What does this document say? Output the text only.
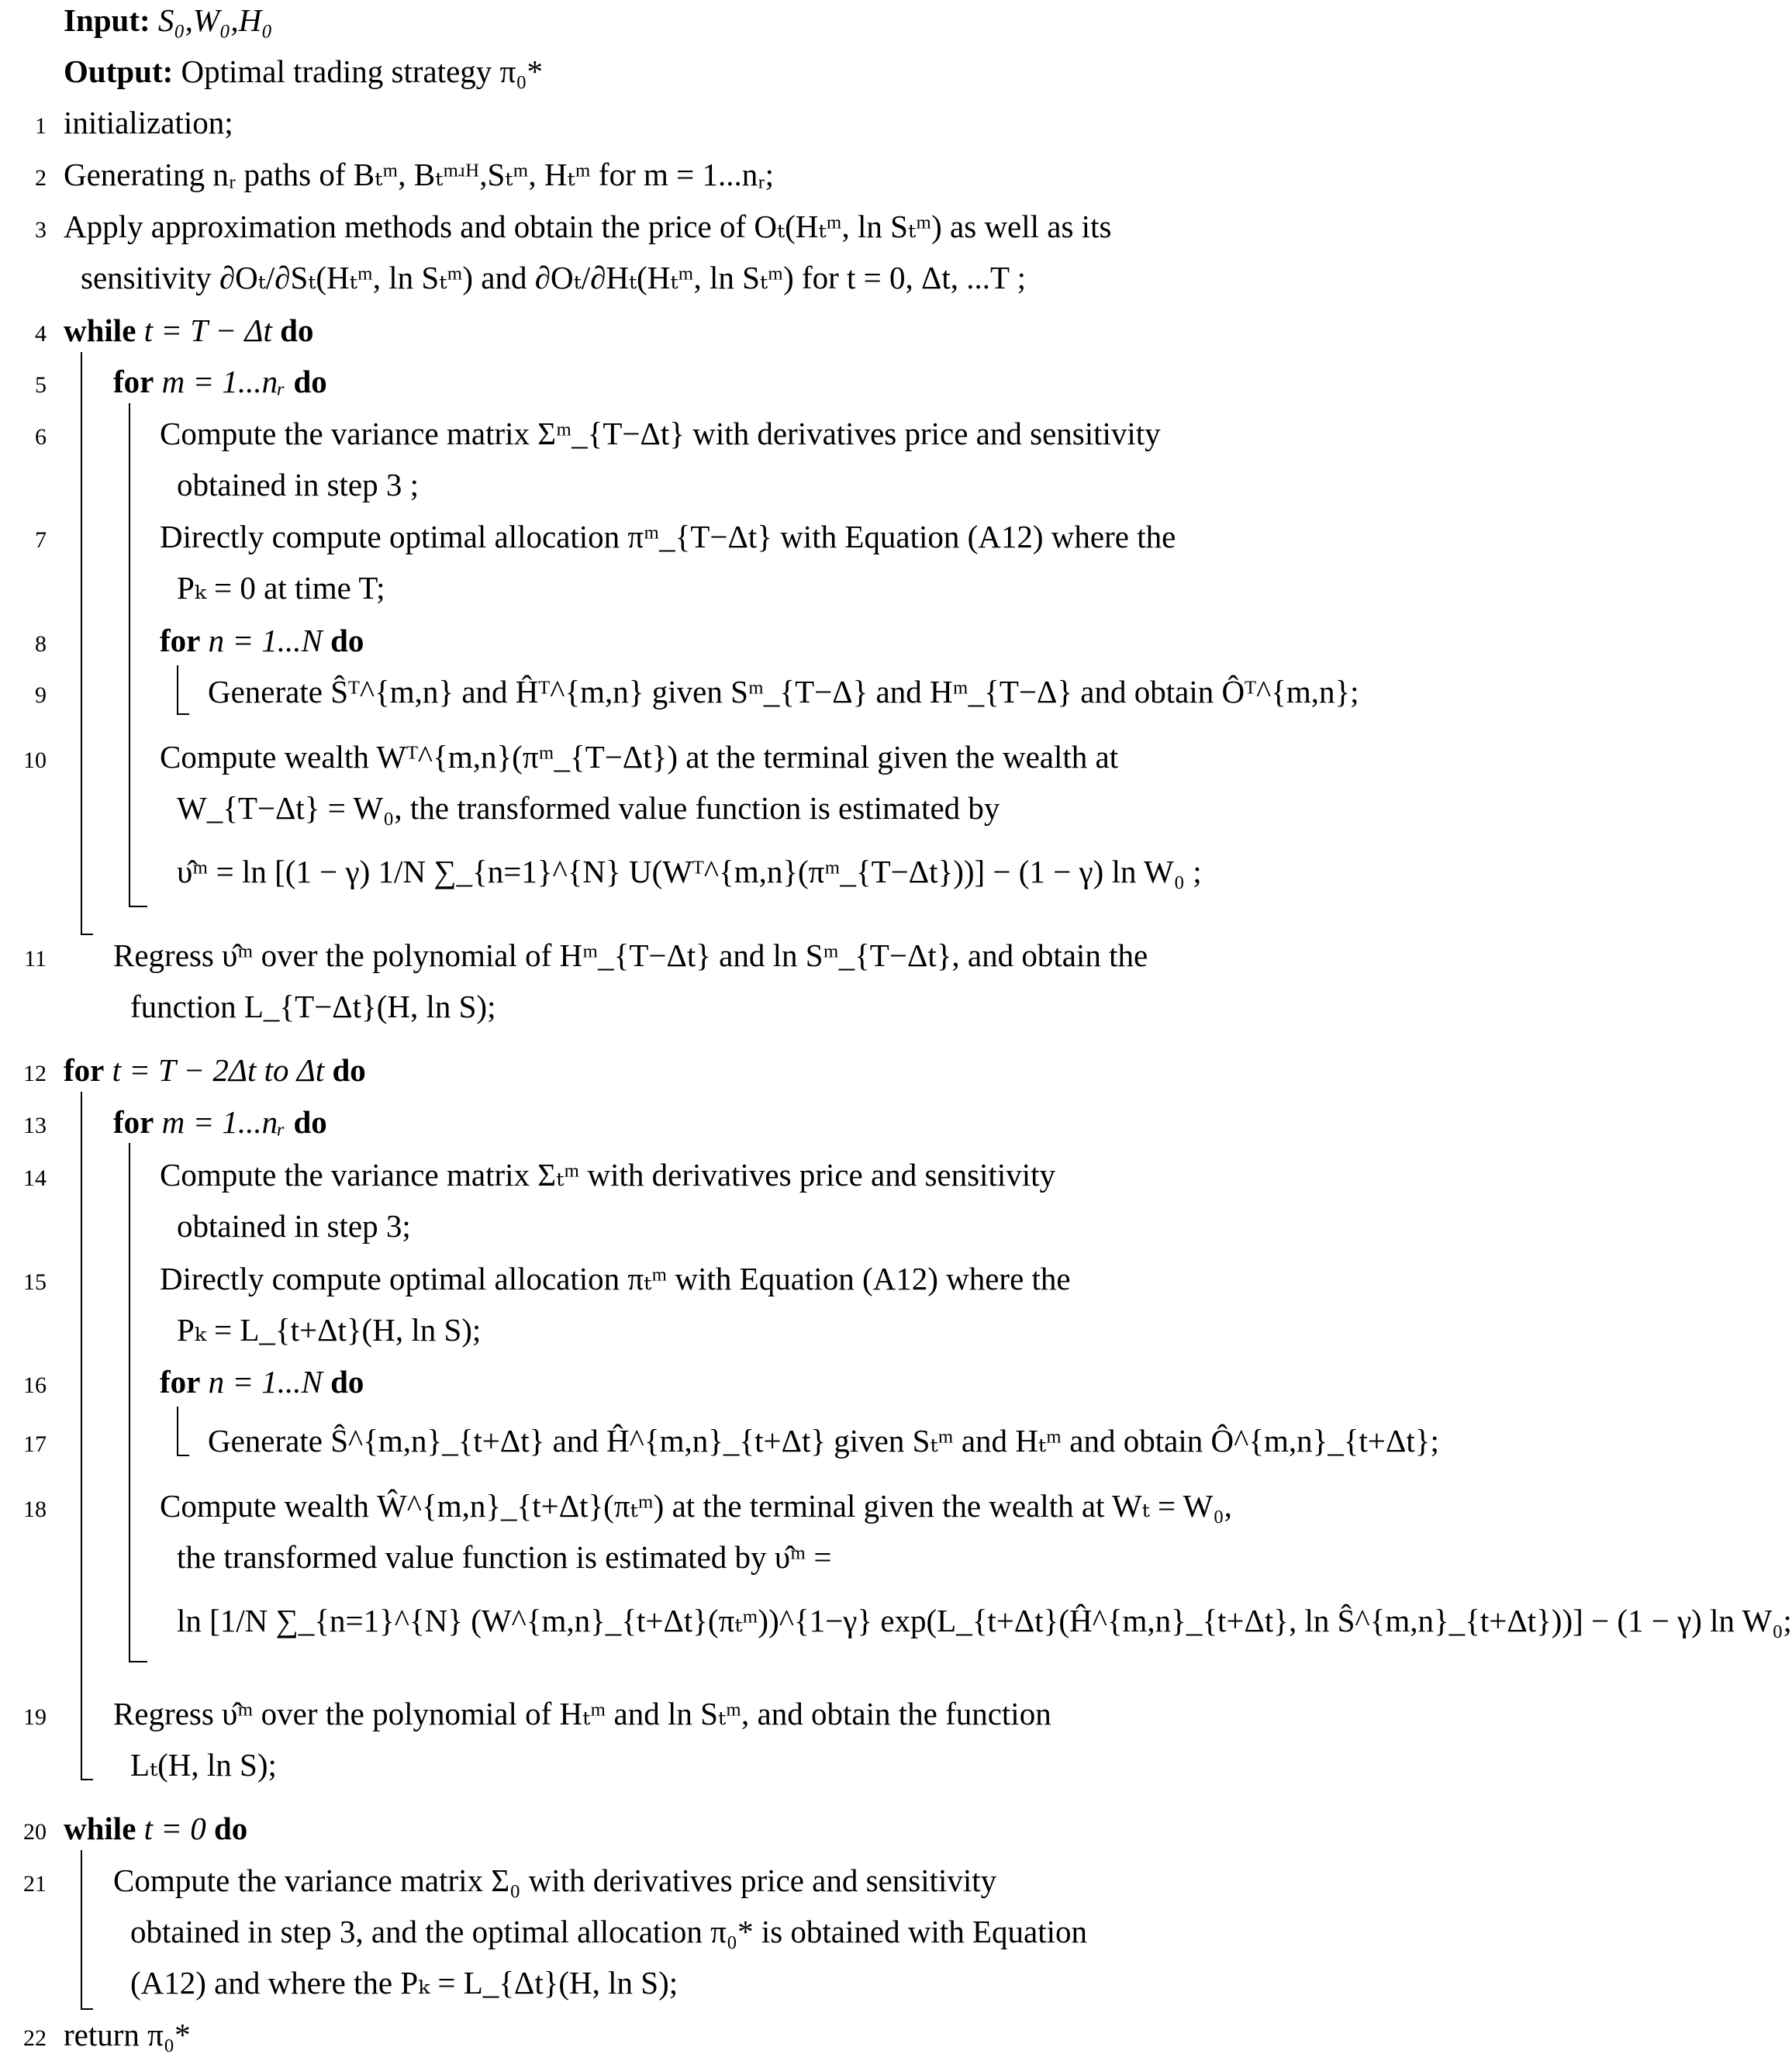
Input: S₀,W₀,H₀
Output: Optimal trading strategy π₀*
1 initialization;
2 Generating nᵣ paths of Bₜᵐ, Bₜᵐʴᴴ,Sₜᵐ, Hₜᵐ for m = 1...nᵣ;
3 Apply approximation methods and obtain the price of Oₜ(Hₜᵐ, ln Sₜᵐ) as well as its
sensitivity ∂Oₜ/∂Sₜ(Hₜᵐ, ln Sₜᵐ) and ∂Oₜ/∂Hₜ(Hₜᵐ, ln Sₜᵐ) for t = 0, Δt, ...T ;
4 while t = T − Δt do
5 for m = 1...nᵣ do
6	Compute the variance matrix Σᵐ_{T−Δt} with derivatives price and sensitivity
obtained in step 3 ;
7	Directly compute optimal allocation πᵐ_{T−Δt} with Equation (A12) where the
Pₖ = 0 at time T;
8	for n = 1...N do
9	Generate Ŝᵀ^{m,n} and Ĥᵀ^{m,n} given Sᵐ_{T−Δ} and Hᵐ_{T−Δ} and obtain Ôᵀ^{m,n};
10	Compute wealth Wᵀ^{m,n}(πᵐ_{T−Δt}) at the terminal given the wealth at
W_{T−Δt} = W₀, the transformed value function is estimated by
υ̂ᵐ = ln [(1 − γ) 1/N ∑_{n=1}^{N} U(Wᵀ^{m,n}(πᵐ_{T−Δt}))] − (1 − γ) ln W₀ ;
11 Regress υ̂ᵐ over the polynomial of Hᵐ_{T−Δt} and ln Sᵐ_{T−Δt}, and obtain the
function L_{T−Δt}(H, ln S);
12 for t = T − 2Δt to Δt do
13 for m = 1...nᵣ do
14	Compute the variance matrix Σₜᵐ with derivatives price and sensitivity
obtained in step 3;
15	Directly compute optimal allocation πₜᵐ with Equation (A12) where the
Pₖ = L_{t+Δt}(H, ln S);
16	for n = 1...N do
17	Generate Ŝ^{m,n}_{t+Δt} and Ĥ^{m,n}_{t+Δt} given Sₜᵐ and Hₜᵐ and obtain Ô^{m,n}_{t+Δt};
18	Compute wealth Ŵ^{m,n}_{t+Δt}(πₜᵐ) at the terminal given the wealth at Wₜ = W₀,
the transformed value function is estimated by υ̂ᵐ =
ln [1/N ∑_{n=1}^{N} (W^{m,n}_{t+Δt}(πₜᵐ))^{1−γ} exp(L_{t+Δt}(Ĥ^{m,n}_{t+Δt}, ln Ŝ^{m,n}_{t+Δt}))] − (1 − γ) ln W₀;
19 Regress υ̂ᵐ over the polynomial of Hₜᵐ and ln Sₜᵐ, and obtain the function
Lₜ(H, ln S);
20 while t = 0 do
21 Compute the variance matrix Σ₀ with derivatives price and sensitivity
obtained in step 3, and the optimal allocation π₀* is obtained with Equation
(A12) and where the Pₖ = L_{Δt}(H, ln S);
22 return π₀*
